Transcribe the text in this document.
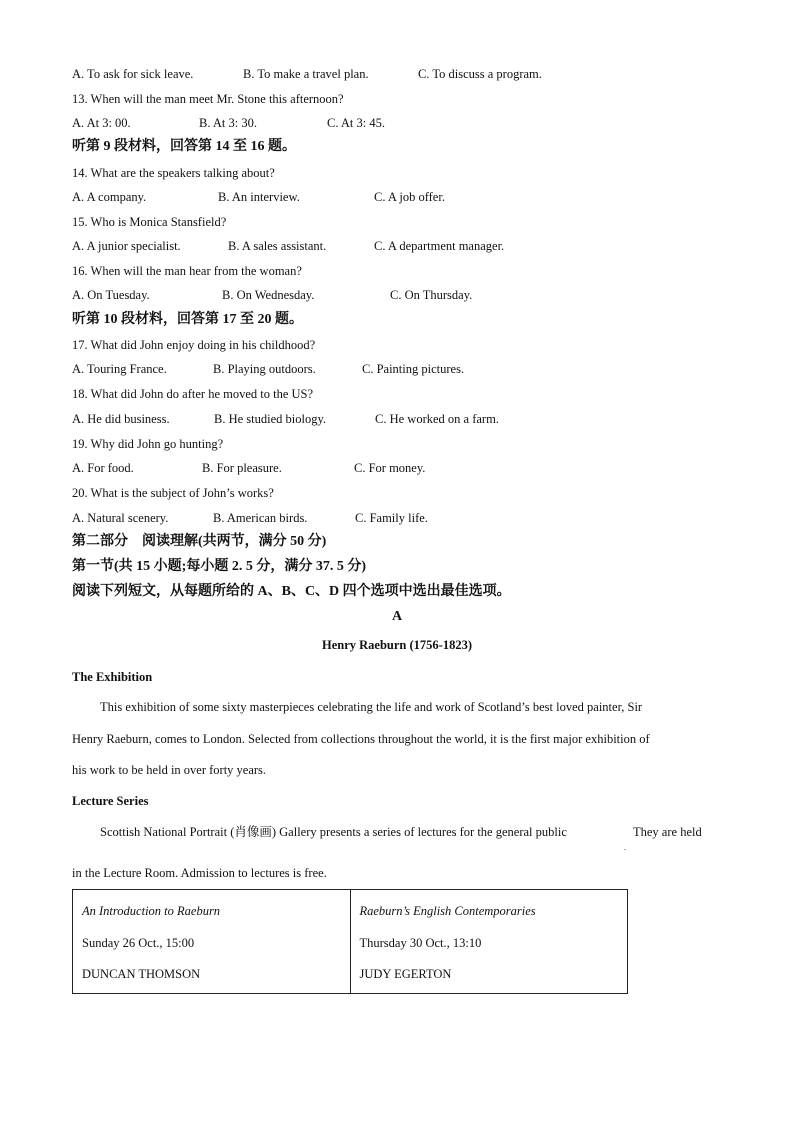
A. To ask for sick leave.	B. To make a travel plan.	C. To discuss a program.
13. When will the man meet Mr. Stone this afternoon?
A. At 3: 00.	B. At 3: 30.	C. At 3: 45.
听第 9 段材料，回答第 14 至 16 题。
14. What are the speakers talking about?
A. A company.	B. An interview.	C. A job offer.
15. Who is Monica Stansfield?
A. A junior specialist.	B. A sales assistant.	C. A department manager.
16. When will the man hear from the woman?
A. On Tuesday.	B. On Wednesday.	C. On Thursday.
听第 10 段材料，回答第 17 至 20 题。
17. What did John enjoy doing in his childhood?
A. Touring France.	B. Playing outdoors.	C. Painting pictures.
18. What did John do after he moved to the US?
A. He did business.	B. He studied biology.	C. He worked on a farm.
19. Why did John go hunting?
A. For food.	B. For pleasure.	C. For money.
20. What is the subject of John’s works?
A. Natural scenery.	B. American birds.	C. Family life.
第二部分　阅读理解(共两节，满分 50 分)
第一节(共 15 小题;每小题 2. 5 分，满分 37. 5 分)
阅读下列短文，从每题所给的 A、B、C、D 四个选项中选出最佳选项。
A
Henry Raeburn (1756-1823)
The Exhibition
This exhibition of some sixty masterpieces celebrating the life and work of Scotland’s best loved painter, Sir
Henry Raeburn, comes to London. Selected from collections throughout the world, it is the first major exhibition of
his work to be held in over forty years.
Lecture Series
Scottish National Portrait (肖像画) Gallery presents a series of lectures for the general public	They are held
in the Lecture Room. Admission to lectures is free.
.
An Introduction to Raeburn
Sunday 26 Oct., 15:00
DUNCAN THOMSON

Raeburn’s English Contemporaries
Thursday 30 Oct., 13:10
JUDY EGERTON
